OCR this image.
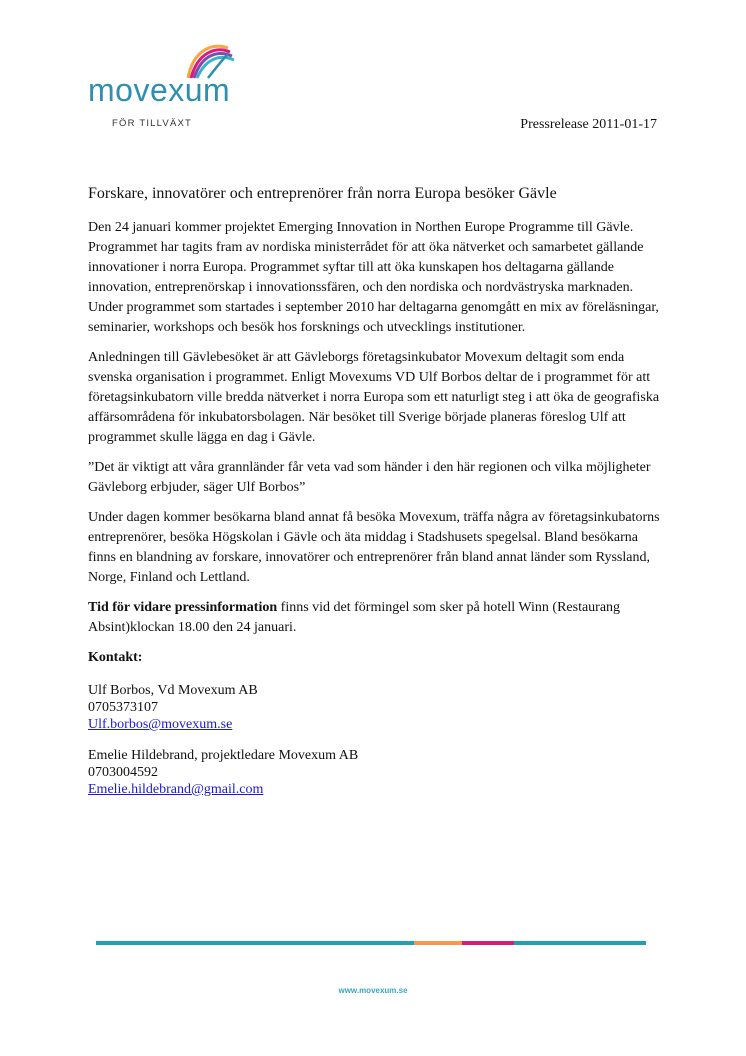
movexum
FÖR TILLVÄXT	Pressrelease 2011-01-17
Forskare, innovatörer och entreprenörer från norra Europa besöker Gävle

Den 24 januari kommer projektet Emerging Innovation in Northen Europe Programme till Gävle. Programmet har tagits fram av nordiska ministerrådet för att öka nätverket och samarbetet gällande innovationer i norra Europa. Programmet syftar till att öka kunskapen hos deltagarna gällande innovation, entreprenörskap i innovationssfären, och den nordiska och nordvästryska marknaden. Under programmet som startades i september 2010 har deltagarna genomgått en mix av föreläsningar, seminarier, workshops och besök hos forsknings och utvecklings institutioner.

Anledningen till Gävlebesöket är att Gävleborgs företagsinkubator Movexum deltagit som enda svenska organisation i programmet. Enligt Movexums VD Ulf Borbos deltar de i programmet för att företagsinkubatorn ville bredda nätverket i norra Europa som ett naturligt steg i att öka de geografiska affärsområdena för inkubatorsbolagen. När besöket till Sverige började planeras föreslog Ulf att programmet skulle lägga en dag i Gävle.

”Det är viktigt att våra grannländer får veta vad som händer i den här regionen och vilka möjligheter Gävleborg erbjuder, säger Ulf Borbos”

Under dagen kommer besökarna bland annat få besöka Movexum, träffa några av företagsinkubatorns entreprenörer, besöka Högskolan i Gävle och äta middag i Stadshusets spegelsal. Bland besökarna finns en blandning av forskare, innovatörer och entreprenörer från bland annat länder som Ryssland, Norge, Finland och Lettland.

Tid för vidare pressinformation finns vid det förmingel som sker på hotell Winn (Restaurang Absint)klockan 18.00 den 24 januari.

Kontakt:

Ulf Borbos, Vd Movexum AB
0705373107
Ulf.borbos@movexum.se
Emelie Hildebrand, projektledare Movexum AB
0703004592
Emelie.hildebrand@gmail.com
www.movexum.se
